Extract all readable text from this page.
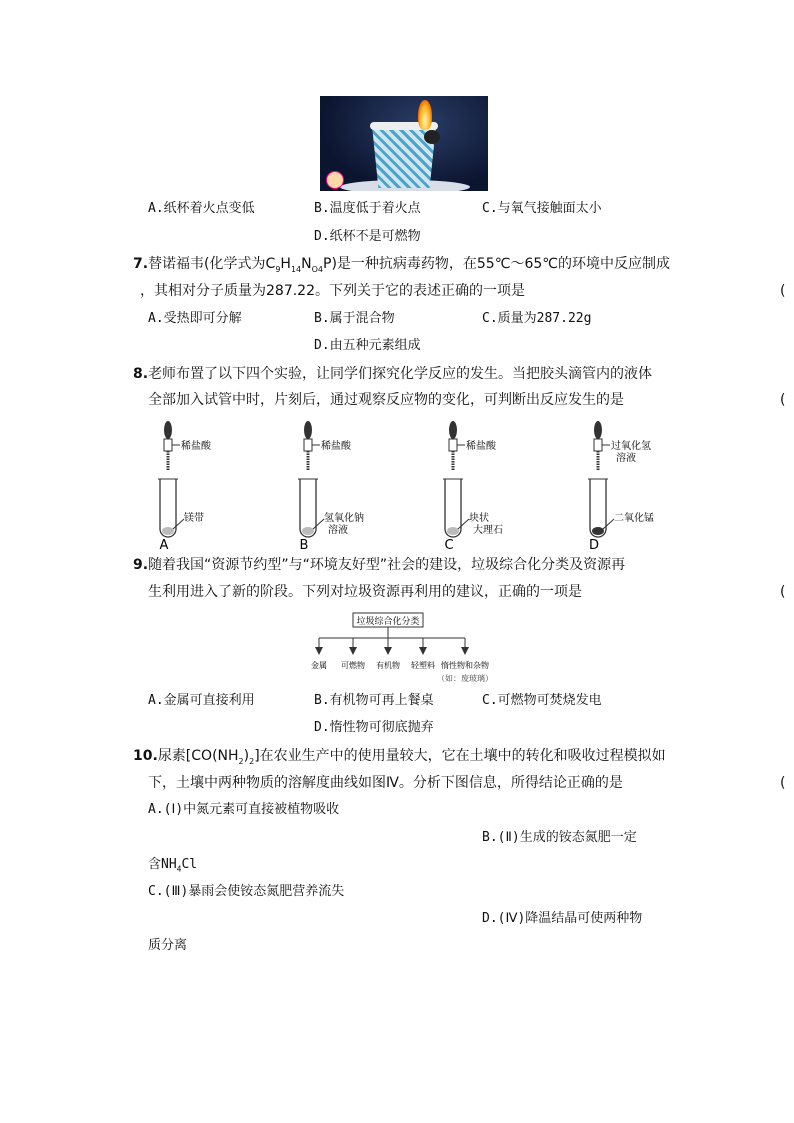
A.纸杯着火点变低	B.温度低于着火点	C.与氧气接触面太小
D.纸杯不是可燃物
7.替诺福韦(化学式为$C_9H_{14}N_{O4}P$)是一种抗病毒药物，在55℃～65℃的环境中反应制成
，其相对分子质量为287.22。下列关于它的表述正确的一项是	(
A.受热即可分解	B.属于混合物	C.质量为287.22g
D.由五种元素组成
8.老师布置了以下四个实验，让同学们探究化学反应的发生。当把胶头滴管内的液体
全部加入试管中时，片刻后，通过观察反应物的变化，可判断出反应发生的是	(
稀盐酸
镁带
A
稀盐酸
氢氧化钠
溶液
B
稀盐酸
块状
大理石
C
过氧化氢
溶液
二氧化锰
D
9.随着我国“资源节约型”与“环境友好型”社会的建设，垃圾综合化分类及资源再
生利用进入了新的阶段。下列对垃圾资源再利用的建议，正确的一项是	(
垃圾综合化分类
金属 可燃物 有机物 轻塑料 惰性物和杂物
（如：废玻璃）
A.金属可直接利用	B.有机物可再上餐桌	C.可燃物可焚烧发电
D.惰性物可彻底抛弃
10.尿素$[CO(NH_2)_2]$在农业生产中的使用量较大，它在土壤中的转化和吸收过程模拟如
下，土壤中两种物质的溶解度曲线如图Ⅳ。分析下图信息，所得结论正确的是	(
A.(Ⅰ)中氮元素可直接被植物吸收
B.(Ⅱ)生成的铵态氮肥一定
含$NH_4Cl$
C.(Ⅲ)暴雨会使铵态氮肥营养流失
D.(Ⅳ)降温结晶可使两种物
质分离
